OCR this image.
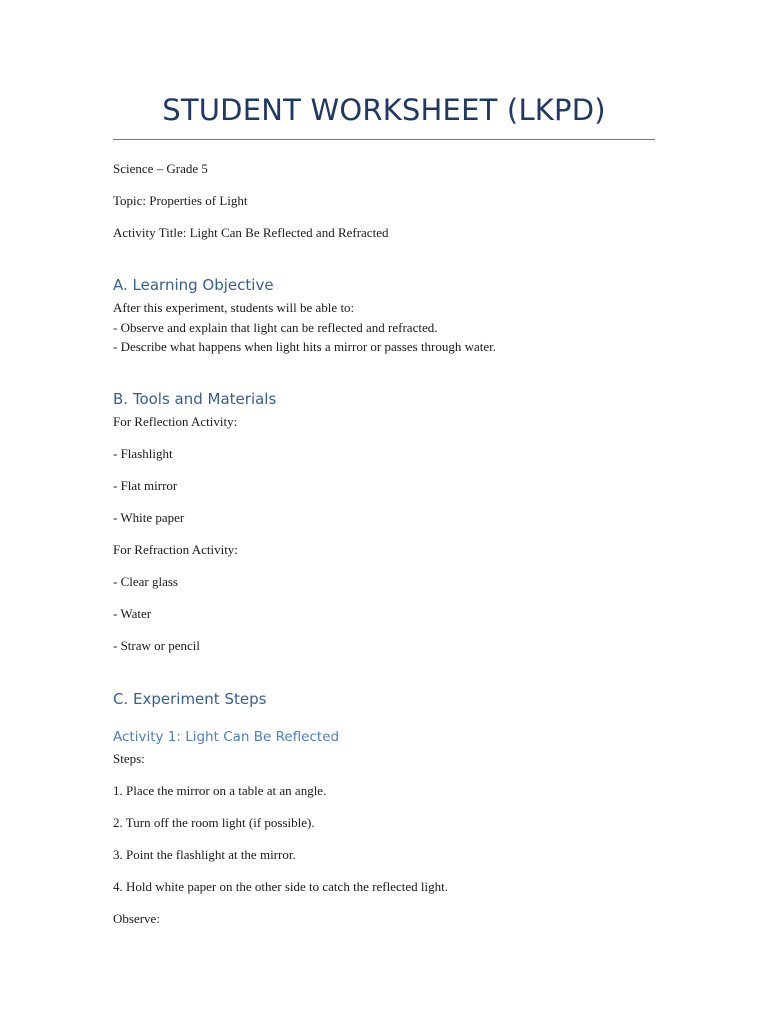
STUDENT WORKSHEET (LKPD)
Science – Grade 5
Topic: Properties of Light
Activity Title: Light Can Be Reflected and Refracted
A. Learning Objective
After this experiment, students will be able to:
- Observe and explain that light can be reflected and refracted.
- Describe what happens when light hits a mirror or passes through water.
B. Tools and Materials
For Reflection Activity:
- Flashlight
- Flat mirror
- White paper
For Refraction Activity:
- Clear glass
- Water
- Straw or pencil
C. Experiment Steps
Activity 1: Light Can Be Reflected
Steps:
1. Place the mirror on a table at an angle.
2. Turn off the room light (if possible).
3. Point the flashlight at the mirror.
4. Hold white paper on the other side to catch the reflected light.
Observe:
